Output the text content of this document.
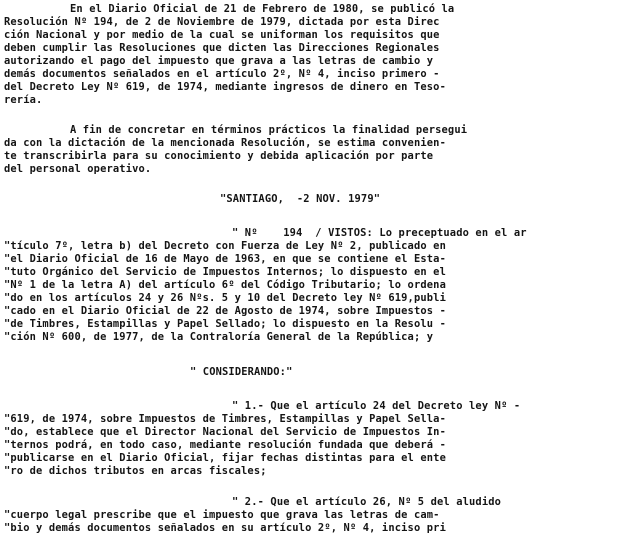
En el Diario Oficial de 21 de Febrero de 1980, se publicó la
Resolución Nº 194, de 2 de Noviembre de 1979, dictada por esta Direc
ción Nacional y por medio de la cual se uniforman los requisitos que
deben cumplir las Resoluciones que dicten las Direcciones Regionales
autorizando el pago del impuesto que grava a las letras de cambio y
demás documentos señalados en el artículo 2º, Nº 4, inciso primero -
del Decreto Ley Nº 619, de 1974, mediante ingresos de dinero en Teso-
rería.
A fin de concretar en términos prácticos la finalidad persegui
da con la dictación de la mencionada Resolución, se estima convenien-
te transcribirla para su conocimiento y debida aplicación por parte
del personal operativo.
"SANTIAGO,  -2 NOV. 1979"
" Nº    194  / VISTOS: Lo preceptuado en el ar
"tículo 7º, letra b) del Decreto con Fuerza de Ley Nº 2, publicado en
"el Diario Oficial de 16 de Mayo de 1963, en que se contiene el Esta-
"tuto Orgánico del Servicio de Impuestos Internos; lo dispuesto en el
"Nº 1 de la letra A) del artículo 6º del Código Tributario; lo ordena
"do en los artículos 24 y 26 Nºs. 5 y 10 del Decreto ley Nº 619,publi
"cado en el Diario Oficial de 22 de Agosto de 1974, sobre Impuestos -
"de Timbres, Estampillas y Papel Sellado; lo dispuesto en la Resolu -
"ción Nº 600, de 1977, de la Contraloría General de la República; y
" CONSIDERANDO:"
" 1.- Que el artículo 24 del Decreto ley Nº -
"619, de 1974, sobre Impuestos de Timbres, Estampillas y Papel Sella-
"do, establece que el Director Nacional del Servicio de Impuestos In-
"ternos podrá, en todo caso, mediante resolución fundada que deberá -
"publicarse en el Diario Oficial, fijar fechas distintas para el ente
"ro de dichos tributos en arcas fiscales;
" 2.- Que el artículo 26, Nº 5 del aludido
"cuerpo legal prescribe que el impuesto que grava las letras de cam-
"bio y demás documentos señalados en su artículo 2º, Nº 4, inciso pri
